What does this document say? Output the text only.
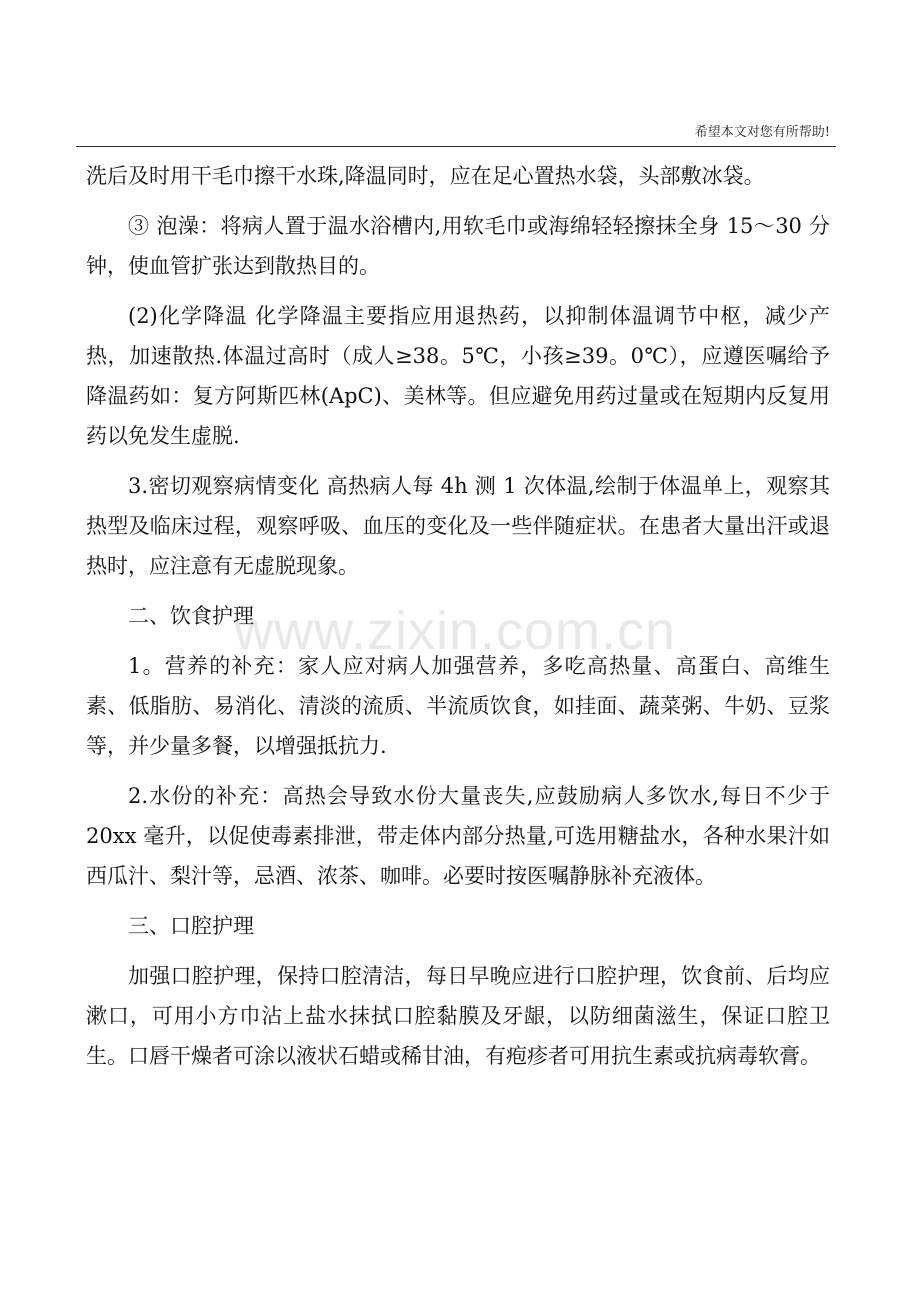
希望本文对您有所帮助!

洗后及时用干毛巾擦干水珠,降温同时，应在足心置热水袋，头部敷冰袋。

③ 泡澡：将病人置于温水浴槽内,用软毛巾或海绵轻轻擦抹全身 15～30 分钟，使血管扩张达到散热目的。

(2)化学降温 化学降温主要指应用退热药，以抑制体温调节中枢，减少产热，加速散热.体温过高时（成人≥38。5℃，小孩≥39。0℃），应遵医嘱给予降温药如：复方阿斯匹林(ApC)、美林等。但应避免用药过量或在短期内反复用药以免发生虚脱.

3.密切观察病情变化 高热病人每 4h 测 1 次体温,绘制于体温单上，观察其热型及临床过程，观察呼吸、血压的变化及一些伴随症状。在患者大量出汗或退热时，应注意有无虚脱现象。

二、饮食护理

1。营养的补充：家人应对病人加强营养，多吃高热量、高蛋白、高维生素、低脂肪、易消化、清淡的流质、半流质饮食，如挂面、蔬菜粥、牛奶、豆浆等，并少量多餐，以增强抵抗力.

2.水份的补充：高热会导致水份大量丧失,应鼓励病人多饮水,每日不少于 20xx 毫升，以促使毒素排泄，带走体内部分热量,可选用糖盐水，各种水果汁如西瓜汁、梨汁等，忌酒、浓茶、咖啡。必要时按医嘱静脉补充液体。

三、口腔护理

加强口腔护理，保持口腔清洁，每日早晚应进行口腔护理，饮食前、后均应漱口，可用小方巾沾上盐水抹拭口腔黏膜及牙龈，以防细菌滋生，保证口腔卫生。口唇干燥者可涂以液状石蜡或稀甘油，有疱疹者可用抗生素或抗病毒软膏。

www.zixin.com.cn
